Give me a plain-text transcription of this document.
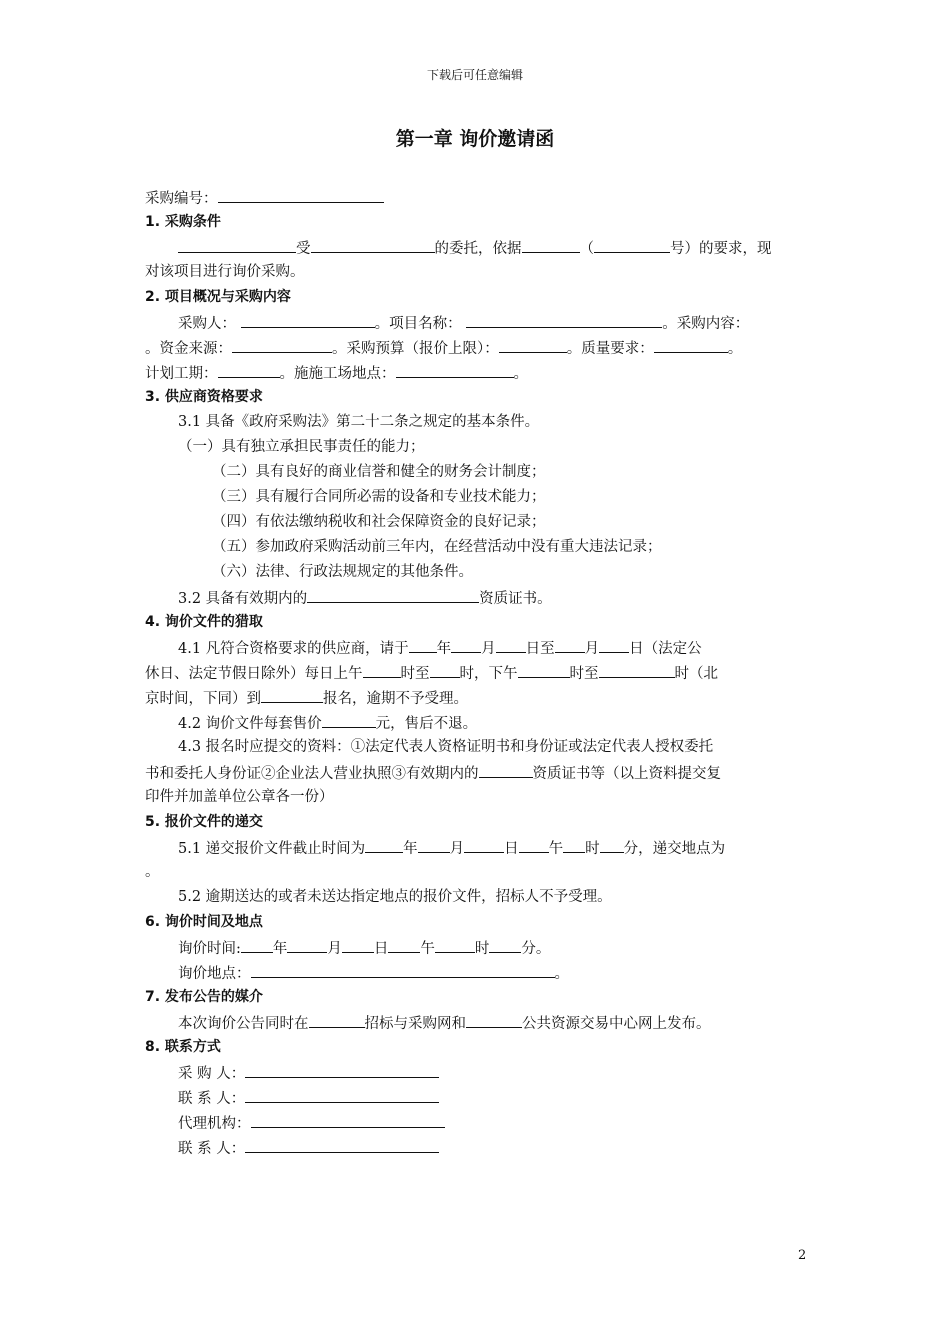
下载后可任意编辑
第一章 询价邀请函
采购编号：
1. 采购条件
受	的委托，依据	（	号）的要求，现
对该项目进行询价采购。
2. 项目概况与采购内容
采购人：	。项目名称：	。采购内容：
。资金来源：	。采购预算（报价上限）：	。质量要求：	。
计划工期：	。施施工场地点：	。
3. 供应商资格要求
3.1 具备《政府采购法》第二十二条之规定的基本条件。
（一）具有独立承担民事责任的能力；
（二）具有良好的商业信誉和健全的财务会计制度；
（三）具有履行合同所必需的设备和专业技术能力；
（四）有依法缴纳税收和社会保障资金的良好记录；
（五）参加政府采购活动前三年内，在经营活动中没有重大违法记录；
（六）法律、行政法规规定的其他条件。
3.2 具备有效期内的	资质证书。
4. 询价文件的猎取
4.1 凡符合资格要求的供应商，请于 年 月 日至 月 日（法定公
休日、法定节假日除外）每日上午	时至 时，下午	时至	时（北
京时间，下同）到	报名，逾期不予受理。
4.2 询价文件每套售价	元，售后不退。
4.3 报名时应提交的资料：①法定代表人资格证明书和身份证或法定代表人授权委托
书和委托人身份证②企业法人营业执照③有效期内的	资质证书等（以上资料提交复
印件并加盖单位公章各一份）
5. 报价文件的递交
5.1 递交报价文件截止时间为	年 月	日 午 时 分，递交地点为
。
5.2 逾期送达的或者未送达指定地点的报价文件，招标人不予受理。
6. 询价时间及地点
询价时间: 年	月 日 午	时 分。
询价地点：	。
7. 发布公告的媒介
本次询价公告同时在	招标与采购网和	公共资源交易中心网上发布。
8. 联系方式
采 购 人：
联 系 人：
代理机构：
联 系 人：
2
